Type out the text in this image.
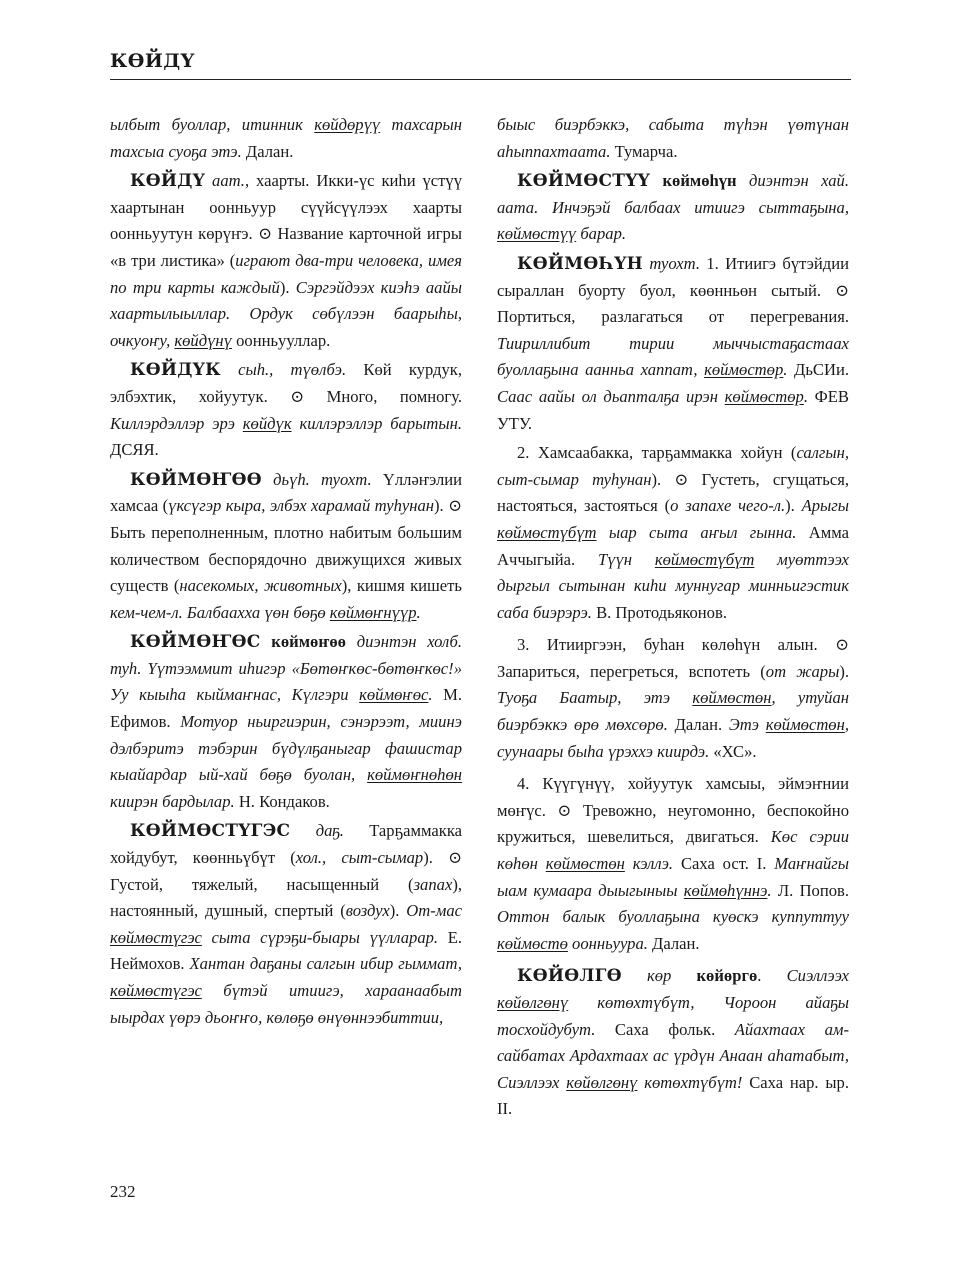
КӨЙДҮ

ылбыт буоллар, итинник көйдөрүү тахсарын тахсыа суоҕа этэ. Далан.

КӨЙДҮ аат., хаарты. Икки-үс киһи үстүү хаартынан оонньуур сүүйсүүлээх хаарты оонньуутун көрүҥэ. ⊙ Название карточной игры «в три листика» (играют два-три человека, имея по три карты каждый). Сэргэйдээх киэһэ аайы хаартылыыллар. Ордук сөбүлээн баарыһы, очкуоҥу, көйдүнү оонньууллар.

КӨЙДҮК сыһ., түөлбэ. Көй курдук, элбэхтик, хойуутук. ⊙ Много, помногу. Киллэрдэллэр эрэ көйдүк киллэрэллэр барытын. ДСЯЯ.

КӨЙМӨҤӨӨ дьүһ. туохт. Үлләҥэлии хамсаа (үксүгэр кыра, элбэх харамай туһунан). ⊙ Быть переполненным, плотно набитым большим количеством беспорядочно движущихся живых существ (насекомых, животных), кишмя кишеть кем-чем-л. Балбаахха үөн бөҕө көймөҥнүүр.

КӨЙМӨҤӨС көймөҥөө диэнтэн холб. туһ. Үүтээммит иһигэр «Бөтөҥкөс-бөтөҥкөс!» Уу кыыһа кыймаҥнас, Күлгэри көймөҥөс. М. Ефимов. Мотуор ньиргиэрин, сэнэрээт, миинэ дэлбэритэ тэбэрин бүдүлҕаныгар фашистар кыайардар ый-хай бөҕө буолан, көймөҥнөһөн киирэн бардылар. Н. Кондаков.

КӨЙМӨСТҮГЭС даҕ. Тарҕаммакка хойдубут, көөнньүбүт (хол., сыт-сымар). ⊙ Густой, тяжелый, насыщенный (запах), настоянный, душный, спертый (воздух). От-мас көймөстүгэс сыта сүрэҕи-быары үүлларар. Е. Неймохов. Хантан даҕаны салгын ибир гыммат, көймөстүгэс бүтэй итиигэ, хараанаабыт ыырдах үөрэ дьоҥҥо, көлөҕө өнүөннээбиттии,

быыс биэрбэккэ, сабыта түһэн үөтүнан аһыппахтаата. Тумарча.

КӨЙМӨСТҮҮ көймөһүн диэнтэн хай. аата. Инчэҕэй балбаах итиигэ сыттаҕына, көймөстүү барар.

КӨЙМӨҺҮН туохт. 1. Итиигэ бүтэйдии сыраллан буорту буол, көөнньөн сытый. ⊙ Портиться, разлагаться от перегревания. Тиириллибит тирии мыччыстаҕастаах буоллаҕына аанньа хаппат, көймөстөр. ДьСИи. Саас аайы ол дьапталҕа ирэн көймөстөр. ФЕВ УТУ.

2. Хамсаабакка, тарҕаммакка хойун (салгын, сыт-сымар туһунан). ⊙ Густеть, сгущаться, настояться, застояться (о запахе чего-л.). Арыгы көймөстүбүт ыар сыта аҥыл гынна. Амма Аччыгыйа. Түүн көймөстүбүт муөттээх дыргыл сытынан киһи муннугар минньигэстик саба биэрэрэ. В. Протодьяконов.

3. Итииргээн, буһан көлөһүн алын. ⊙ Запариться, перегреться, вспотеть (от жары). Туоҕа Баатыр, этэ көймөстөн, утуйан биэрбэккэ өрө мөхсөрө. Далан. Этэ көймөстөн, суунаары быһа үрэххэ киирдэ. «ХС».

4. Күүгүнүү, хойуутук хамсыы, эймэҥнии мөҥүс. ⊙ Тревожно, неугомонно, беспокойно кружиться, шевелиться, двигаться. Көс сэрии көһөн көймөстөн кэллэ. Саха ост. I. Маҥнайгы ыам кумаара дыыгыныы көймөһүннэ. Л. Попов. Оттон балык буоллаҕына куөскэ куппуттуу көймөстө оонньуура. Далан.

КӨЙӨЛГӨ көр көйөргө. Сиэллээх көйөлгөнү көтөхтүбүт, Чороон айаҕы тосхойдубут. Саха фольк. Айахтаах амсайбатах Ардахтаах ас үрдүн Анаан аһатабыт, Сиэллээх көйөлгөнү көтөхтүбүт! Саха нар. ыр. II.

232
